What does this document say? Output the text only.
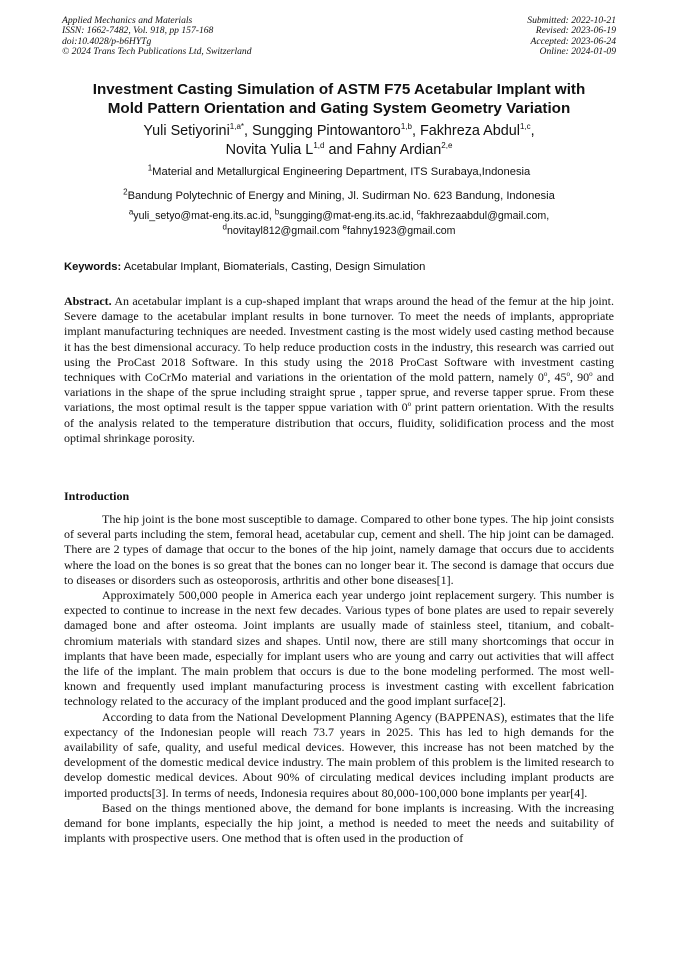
Applied Mechanics and Materials
ISSN: 1662-7482, Vol. 918, pp 157-168
doi:10.4028/p-b6HYTg
© 2024 Trans Tech Publications Ltd, Switzerland
Submitted: 2022-10-21
Revised: 2023-06-19
Accepted: 2023-06-24
Online: 2024-01-09
Investment Casting Simulation of ASTM F75 Acetabular Implant with
Mold Pattern Orientation and Gating System Geometry Variation
Yuli Setiyorini$^{1,a*}$, Sungging Pintowantoro$^{1,b}$, Fakhreza Abdul$^{1,c}$,
Novita Yulia L$^{1,d}$ and Fahny Ardian$^{2,e}$
$^1$Material and Metallurgical Engineering Department, ITS Surabaya,Indonesia
$^2$Bandung Polytechnic of Energy and Mining, Jl. Sudirman No. 623 Bandung, Indonesia
$^a$yuli_setyo@mat-eng.its.ac.id, $^b$sungging@mat-eng.its.ac.id, $^c$fakhrezaabdul@gmail.com,
$^d$novitayl812@gmail.com $^e$fahny1923@gmail.com
Keywords: Acetabular Implant, Biomaterials, Casting, Design Simulation
Abstract. An acetabular implant is a cup-shaped implant that wraps around the head of the femur at the hip joint. Severe damage to the acetabular implant results in bone turnover. To meet the needs of implants, appropriate implant manufacturing techniques are needed. Investment casting is the most widely used casting method because it has the best dimensional accuracy. To help reduce production costs in the industry, this research was carried out using the ProCast 2018 Software. In this study using the 2018 ProCast Software with investment casting techniques with CoCrMo material and variations in the orientation of the mold pattern, namely 0$^o$, 45$^o$, 90$^o$ and variations in the shape of the sprue including straight sprue , tapper sprue, and reverse tapper sprue. From these variations, the most optimal result is the tapper sppue variation with 0$^o$ print pattern orientation. With the results of the analysis related to the temperature distribution that occurs, fluidity, solidification process and the most optimal shrinkage porosity.
Introduction

The hip joint is the bone most susceptible to damage. Compared to other bone types. The hip joint consists of several parts including the stem, femoral head, acetabular cup, cement and shell. The hip joint can be damaged. There are 2 types of damage that occur to the bones of the hip joint, namely damage that occurs due to accidents where the load on the bones is so great that the bones can no longer bear it. The second is damage that occurs due to diseases or disorders such as osteoporosis, arthritis and other bone diseases[1].

Approximately 500,000 people in America each year undergo joint replacement surgery. This number is expected to continue to increase in the next few decades. Various types of bone plates are used to repair severely damaged bone and after osteoma. Joint implants are usually made of stainless steel, titanium, and cobalt-chromium materials with standard sizes and shapes. Until now, there are still many shortcomings that occur in implants that have been made, especially for implant users who are young and carry out activities that will affect the life of the implant. The main problem that occurs is due to the bone modeling performed. The most well-known and frequently used implant manufacturing process is investment casting with excellent fabrication technology related to the accuracy of the implant produced and the good implant surface[2].

According to data from the National Development Planning Agency (BAPPENAS), estimates that the life expectancy of the Indonesian people will reach 73.7 years in 2025. This has led to high demands for the availability of safe, quality, and useful medical devices. However, this increase has not been matched by the development of the domestic medical device industry. The main problem of this problem is the limited research to develop domestic medical devices. About 90% of circulating medical devices including implant products are imported products[3]. In terms of needs, Indonesia requires about 80,000-100,000 bone implants per year[4].

Based on the things mentioned above, the demand for bone implants is increasing. With the increasing demand for bone implants, especially the hip joint, a method is needed to meet the needs and suitability of implants with prospective users. One method that is often used in the production of
